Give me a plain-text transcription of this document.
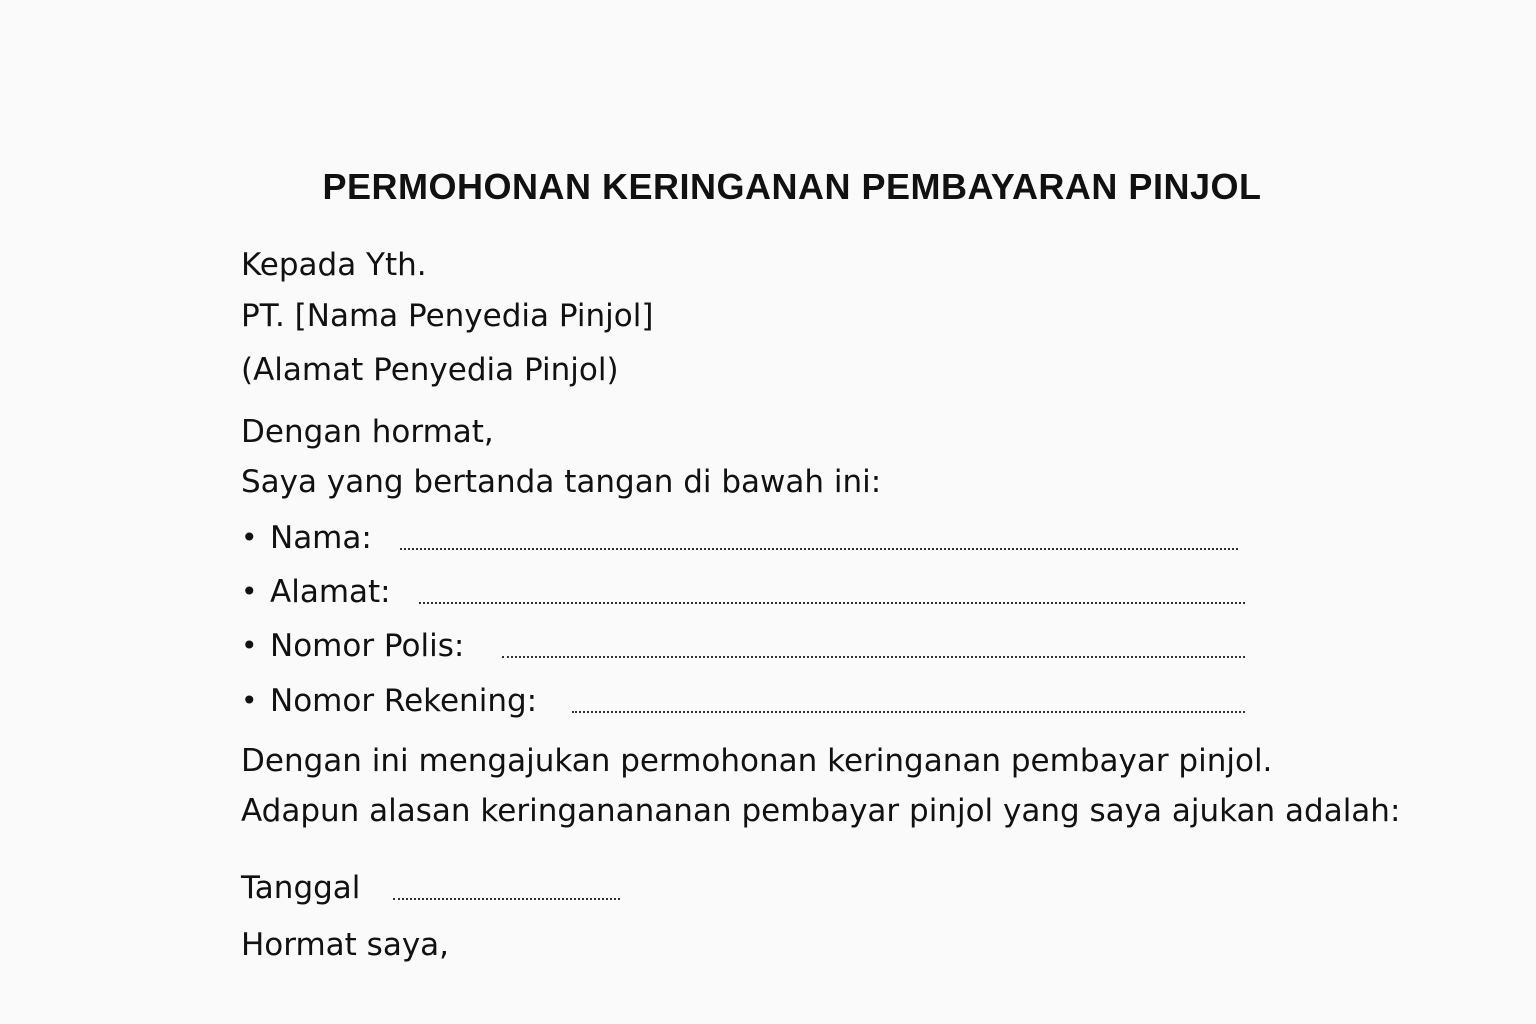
PERMOHONAN KERINGANAN PEMBAYARAN PINJOL
Kepada Yth.
PT. [Nama Penyedia Pinjol]
(Alamat Penyedia Pinjol)
Dengan hormat,
Saya yang bertanda tangan di bawah ini:
• Nama:
• Alamat:
• Nomor Polis:
• Nomor Rekening:
Dengan ini mengajukan permohonan keringanan pembayar pinjol.
Adapun alasan keringanananan pembayar pinjol yang saya ajukan adalah:
Tanggal
Hormat saya,
